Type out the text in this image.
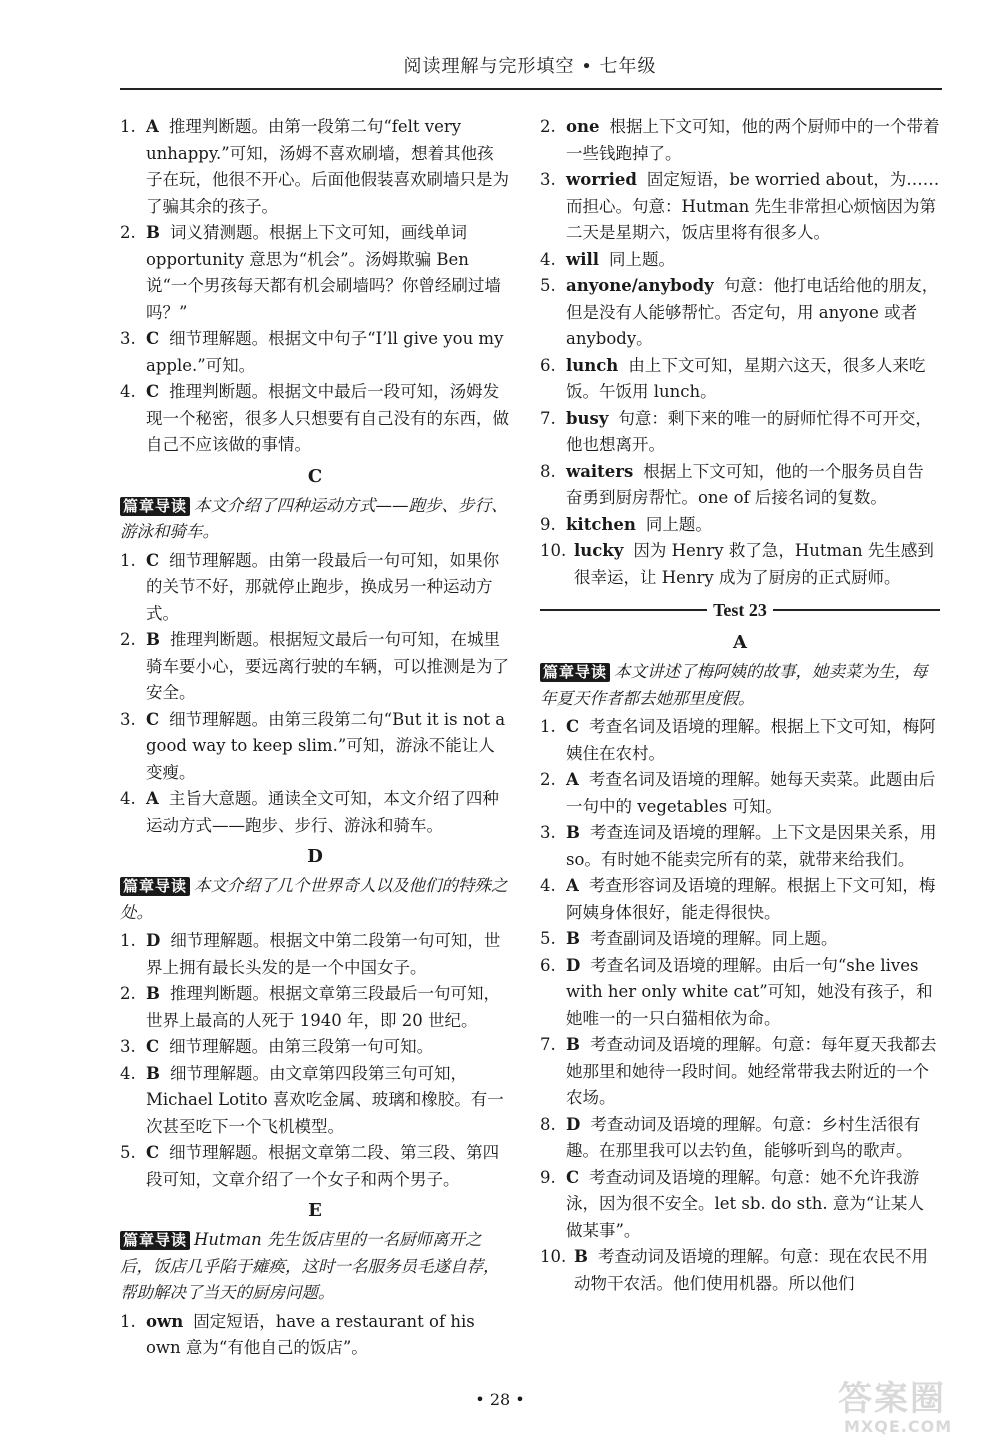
阅读理解与完形填空 • 七年级
1. A 推理判断题。由第一段第二句“felt very unhappy.”可知，汤姆不喜欢刷墙，想着其他孩子在玩，他很不开心。后面他假装喜欢刷墙只是为了骗其余的孩子。
2. B 词义猜测题。根据上下文可知，画线单词 opportunity 意思为“机会”。汤姆欺骗 Ben 说“一个男孩每天都有机会刷墙吗？你曾经刷过墙吗？”
3. C 细节理解题。根据文中句子“I’ll give you my apple.”可知。
4. C 推理判断题。根据文中最后一段可知，汤姆发现一个秘密，很多人只想要有自己没有的东西，做自己不应该做的事情。
C
篇章导读 本文介绍了四种运动方式——跑步、步行、游泳和骑车。
1. C 细节理解题。由第一段最后一句可知，如果你的关节不好，那就停止跑步，换成另一种运动方式。
2. B 推理判断题。根据短文最后一句可知，在城里骑车要小心，要远离行驶的车辆，可以推测是为了安全。
3. C 细节理解题。由第三段第二句“But it is not a good way to keep slim.”可知，游泳不能让人变瘦。
4. A 主旨大意题。通读全文可知，本文介绍了四种运动方式——跑步、步行、游泳和骑车。
D
篇章导读 本文介绍了几个世界奇人以及他们的特殊之处。
1. D 细节理解题。根据文中第二段第一句可知，世界上拥有最长头发的是一个中国女子。
2. B 推理判断题。根据文章第三段最后一句可知，世界上最高的人死于 1940 年，即 20 世纪。
3. C 细节理解题。由第三段第一句可知。
4. B 细节理解题。由文章第四段第三句可知，Michael Lotito 喜欢吃金属、玻璃和橡胶。有一次甚至吃下一个飞机模型。
5. C 细节理解题。根据文章第二段、第三段、第四段可知，文章介绍了一个女子和两个男子。
E
篇章导读 Hutman 先生饭店里的一名厨师离开之后，饭店几乎陷于瘫痪，这时一名服务员毛遂自荐，帮助解决了当天的厨房问题。
1. own 固定短语，have a restaurant of his own 意为“有他自己的饭店”。
2. one 根据上下文可知，他的两个厨师中的一个带着一些钱跑掉了。
3. worried 固定短语，be worried about，为……而担心。句意：Hutman 先生非常担心烦恼因为第二天是星期六，饭店里将有很多人。
4. will 同上题。
5. anyone/anybody 句意：他打电话给他的朋友，但是没有人能够帮忙。否定句，用 anyone 或者 anybody。
6. lunch 由上下文可知，星期六这天，很多人来吃饭。午饭用 lunch。
7. busy 句意：剩下来的唯一的厨师忙得不可开交，他也想离开。
8. waiters 根据上下文可知，他的一个服务员自告奋勇到厨房帮忙。one of 后接名词的复数。
9. kitchen 同上题。
10. lucky 因为 Henry 救了急，Hutman 先生感到很幸运，让 Henry 成为了厨房的正式厨师。
Test 23
A
篇章导读 本文讲述了梅阿姨的故事，她卖菜为生，每年夏天作者都去她那里度假。
1. C 考查名词及语境的理解。根据上下文可知，梅阿姨住在农村。
2. A 考查名词及语境的理解。她每天卖菜。此题由后一句中的 vegetables 可知。
3. B 考查连词及语境的理解。上下文是因果关系，用 so。有时她不能卖完所有的菜，就带来给我们。
4. A 考查形容词及语境的理解。根据上下文可知，梅阿姨身体很好，能走得很快。
5. B 考查副词及语境的理解。同上题。
6. D 考查名词及语境的理解。由后一句“she lives with her only white cat”可知，她没有孩子，和她唯一的一只白猫相依为命。
7. B 考查动词及语境的理解。句意：每年夏天我都去她那里和她待一段时间。她经常带我去附近的一个农场。
8. D 考查动词及语境的理解。句意：乡村生活很有趣。在那里我可以去钓鱼，能够听到鸟的歌声。
9. C 考查动词及语境的理解。句意：她不允许我游泳，因为很不安全。let sb. do sth. 意为“让某人做某事”。
10. B 考查动词及语境的理解。句意：现在农民不用动物干农活。他们使用机器。所以他们
• 28 •	答案圈
MXQE.COM
